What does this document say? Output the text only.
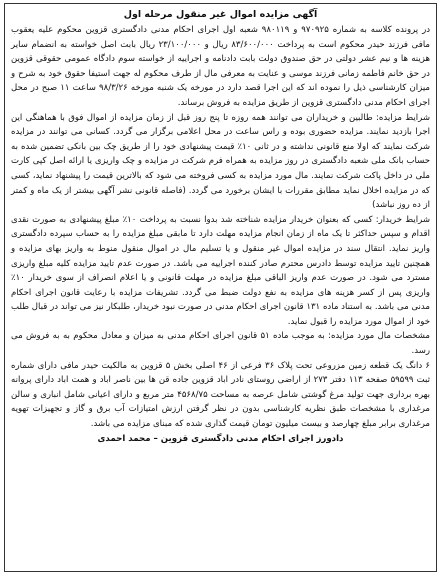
آگهی مزایده اموال غیر منقول مرحله اول

در پرونده کلاسه به شماره ۹۷۰۹۲۵ و ۹۸۰۱۱۹ شعبه اول اجرای احکام مدنی دادگستری قزوین محکوم علیه یعقوب مافی فرزند حیدر محکوم است به پرداخت ۸۳/۶۰۰/۰۰۰ ریال و ۲۳/۱۰۰/۰۰۰ ریال بابت اصل خواسته به انضمام سایر هزینه ها و نیم عشر دولتی در حق صندوق دولت بابت دادنامه و اجراییه از خواسته سوم دادگاه عمومی حقوقی قزوین در حق خانم فاطمه زمانی فرزند موسی و عنایت به معرفی مال از طرف محکوم له جهت استیفا حقوق خود به شرح و میزان کارشناسی ذیل را نموده اند که این اجرا قصد دارد در مورخه یک شنبه مورخه ۹۸/۳/۲۶ ساعت ۱۱ صبح در محل اجرای احکام مدنی دادگستری قزوین از طریق مزایده به فروش برساند.

شرایط مزایده: طالبین و خریداران می توانند همه روزه تا پنج روز قبل از زمان مزایده از اموال فوق با هماهنگی این اجرا بازدید نمایند. مزایده حضوری بوده و راس ساعت در محل اعلامی برگزار می گردد. کسانی می توانند در مزایده شرکت نمایند که اولا منع قانونی نداشته و در ثانی ۱۰٪ قیمت پیشنهادی خود را از طریق چک بین بانکی تضمین شده به حساب بانک ملی شعبه دادگستری در روز مزایده به همراه فرم شرکت در مزایده و چک واریزی یا ارائه اصل کپی کارت ملی در داخل پاکت شرکت نمایند. مال مورد مزایده به کسی فروخته می شود که بالاترین قیمت را پیشنهاد نماید، کسی که در مزایده اخلال نماید مطابق مقررات با ایشان برخورد می گردد. (فاصله قانونی نشر آگهی بیشتر از یک ماه و کمتر از ده روز نباشد)

شرایط خریدار: کسی که بعنوان خریدار مزایده شناخته شد بدوا نسبت به پرداخت ۱۰٪ مبلغ پیشنهادی به صورت نقدی اقدام و سپس حداکثر تا یک ماه از زمان انجام مزایده مهلت دارد تا مابقی مبلغ مزایده را به حساب سپرده دادگستری واریز نماید. انتقال سند در مزایده اموال غیر منقول و یا تسلیم مال در اموال منقول منوط به واریز بهای مزایده و همچنین تایید مزایده توسط دادرس محترم صادر کننده اجراییه می باشد. در صورت عدم تایید مزایده کلیه مبلغ واریزی مسترد می شود. در صورت عدم واریز الباقی مبلغ مزایده در مهلت قانونی و یا اعلام انصراف از سوی خریدار ۱۰٪ واریزی پس از کسر هزینه های مزایده به نفع دولت ضبط می گردد. تشریفات مزایده با رعایت قانون اجرای احکام مدنی می باشد. به استناد ماده ۱۳۱ قانون اجرای احکام مدنی در صورت نبود خریدار، طلبکار نیز می تواند در قبال طلب خود از اموال مورد مزایده را قبول نماید.

مشخصات مال مورد مزایده: به موجب ماده ۵۱ قانون اجرای احکام مدنی به میزان و معادل محکوم به به فروش می رسد.

۶ دانگ یک قطعه زمین مزروعی تحت پلاک ۳۶ فرعی از ۴۶ اصلی بخش ۵ قزوین به مالکیت حیدر مافی دارای شماره ثبت ۵۹۵۹۹ صفحه ۱۱۳ دفتر ۲۷۳ از اراضی روستای نادر اباد قزوین جاده قن ها بین ناصر اباد و همت اباد دارای پروانه بهره برداری جهت تولید مرغ گوشتی شامل عرصه به مساحت ۴۵۶۸/۷۵ متر مربع و دارای اعیانی شامل انباری و سالن مرغداری با مشخصات طبق نظریه کارشناسی بدون در نظر گرفتن ارزش امتیازات آب برق و گاز و تجهیزات تهویه مرغداری برابر مبلغ چهارصد و بیست میلیون تومان قیمت گذاری شده که مبنای مزایده می باشد.

دادورز اجرای احکام مدنی دادگستری قزوین – محمد احمدی
